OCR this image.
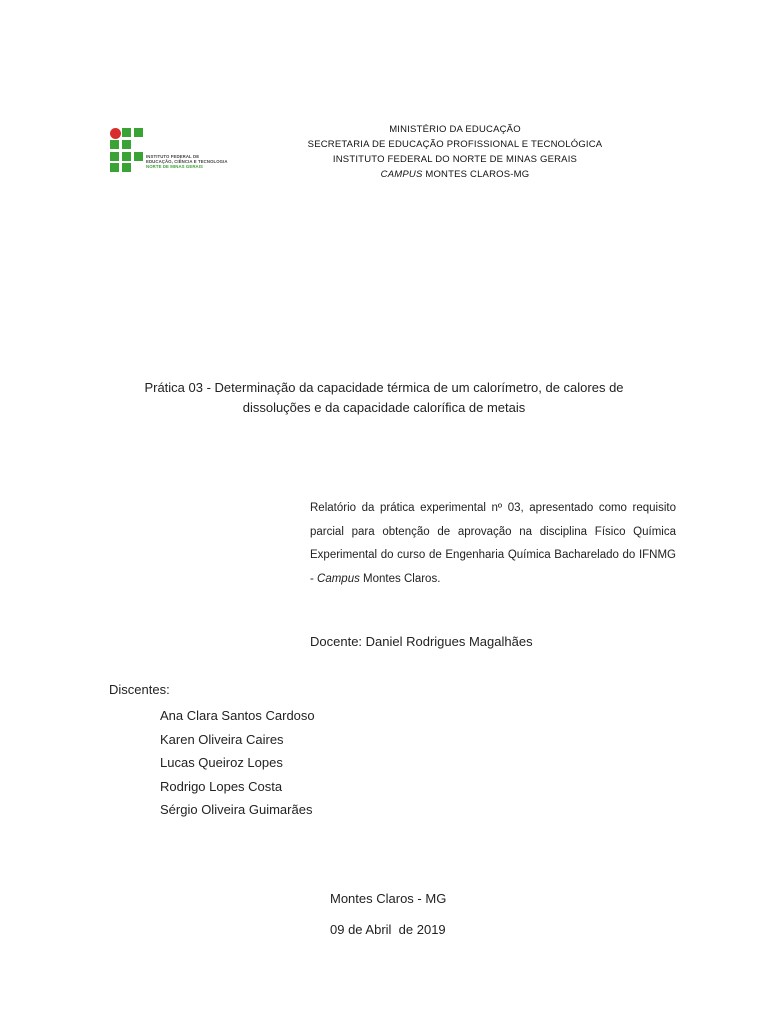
INSTITUTO FEDERAL DE
EDUCAÇÃO, CIÊNCIA E TECNOLOGIA
NORTE DE MINAS GERAIS
MINISTÉRIO DA EDUCAÇÃO
SECRETARIA DE EDUCAÇÃO PROFISSIONAL E TECNOLÓGICA
INSTITUTO FEDERAL DO NORTE DE MINAS GERAIS
CAMPUS MONTES CLAROS-MG
Prática 03 - Determinação da capacidade térmica de um calorímetro, de calores de dissoluções e da capacidade calorífica de metais
Relatório da prática experimental nº 03, apresentado como requisito parcial para obtenção de aprovação na disciplina Físico Química Experimental do curso de Engenharia Química Bacharelado do IFNMG - Campus Montes Claros.
Docente: Daniel Rodrigues Magalhães
Discentes:
Ana Clara Santos Cardoso
Karen Oliveira Caires
Lucas Queiroz Lopes
Rodrigo Lopes Costa
Sérgio Oliveira Guimarães
Montes Claros - MG
09 de Abril  de 2019
